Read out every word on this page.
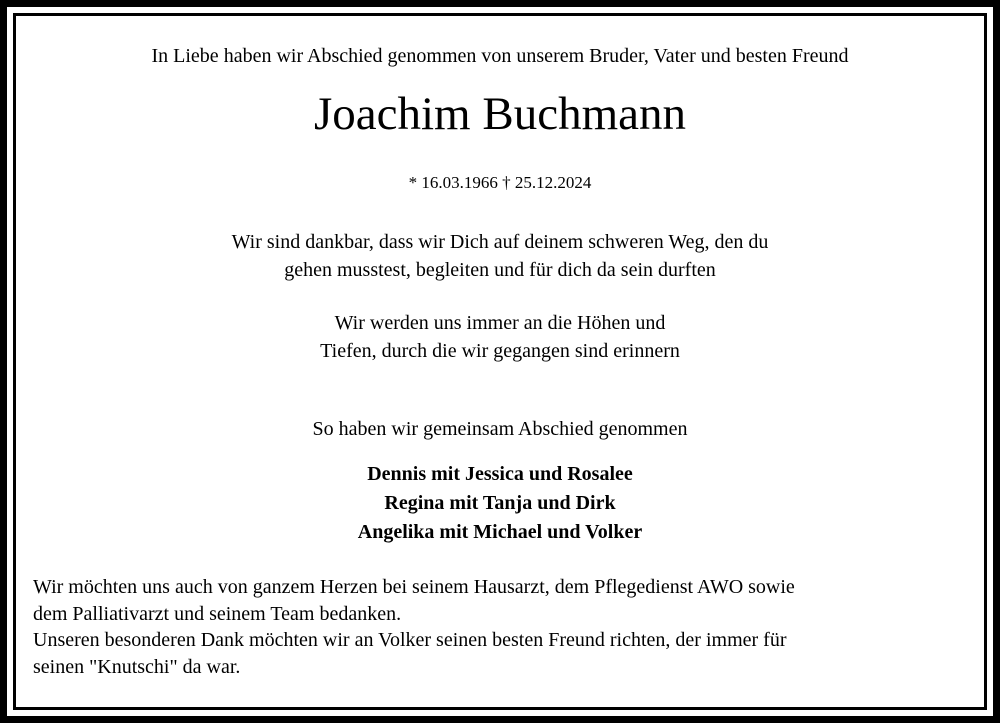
In Liebe haben wir Abschied genommen von unserem Bruder, Vater und besten Freund

Joachim Buchmann

* 16.03.1966 † 25.12.2024

Wir sind dankbar, dass wir Dich auf deinem schweren Weg, den du
gehen musstest, begleiten und für dich da sein durften

Wir werden uns immer an die Höhen und
Tiefen, durch die wir gegangen sind erinnern

So haben wir gemeinsam Abschied genommen

Dennis mit Jessica und Rosalee
Regina mit Tanja und Dirk
Angelika mit Michael und Volker

Wir möchten uns auch von ganzem Herzen bei seinem Hausarzt, dem Pflegedienst AWO sowie
dem Palliativarzt und seinem Team bedanken.
Unseren besonderen Dank möchten wir an Volker seinen besten Freund richten, der immer für
seinen "Knutschi" da war.
